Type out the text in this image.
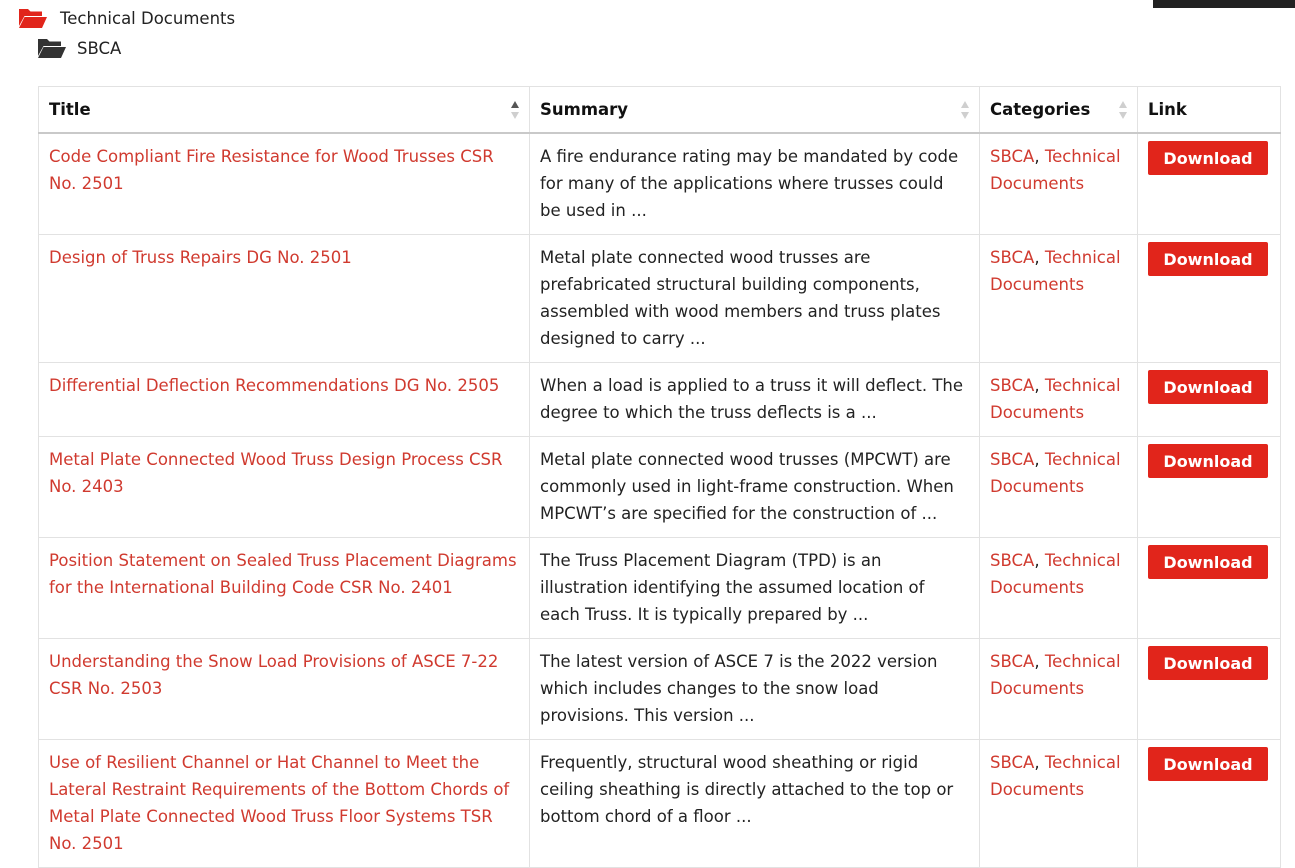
Technical Documents
SBCA
Title	Summary	Categories	Link
Code Compliant Fire Resistance for Wood Trusses CSR No. 2501	A fire endurance rating may be mandated by code for many of the applications where trusses could be used in ...	SBCA, Technical Documents	Download
Design of Truss Repairs DG No. 2501	Metal plate connected wood trusses are prefabricated structural building components, assembled with wood members and truss plates designed to carry ...	SBCA, Technical Documents	Download
Differential Deflection Recommendations DG No. 2505	When a load is applied to a truss it will deflect. The degree to which the truss deflects is a ...	SBCA, Technical Documents	Download
Metal Plate Connected Wood Truss Design Process CSR No. 2403	Metal plate connected wood trusses (MPCWT) are commonly used in light-frame construction. When MPCWT’s are specified for the construction of ...	SBCA, Technical Documents	Download
Position Statement on Sealed Truss Placement Diagrams for the International Building Code CSR No. 2401	The Truss Placement Diagram (TPD) is an illustration identifying the assumed location of each Truss. It is typically prepared by ...	SBCA, Technical Documents	Download
Understanding the Snow Load Provisions of ASCE 7-22 CSR No. 2503	The latest version of ASCE 7 is the 2022 version which includes changes to the snow load provisions. This version ...	SBCA, Technical Documents	Download
Use of Resilient Channel or Hat Channel to Meet the Lateral Restraint Requirements of the Bottom Chords of Metal Plate Connected Wood Truss Floor Systems TSR No. 2501	Frequently, structural wood sheathing or rigid ceiling sheathing is directly attached to the top or bottom chord of a floor ...	SBCA, Technical Documents	Download
